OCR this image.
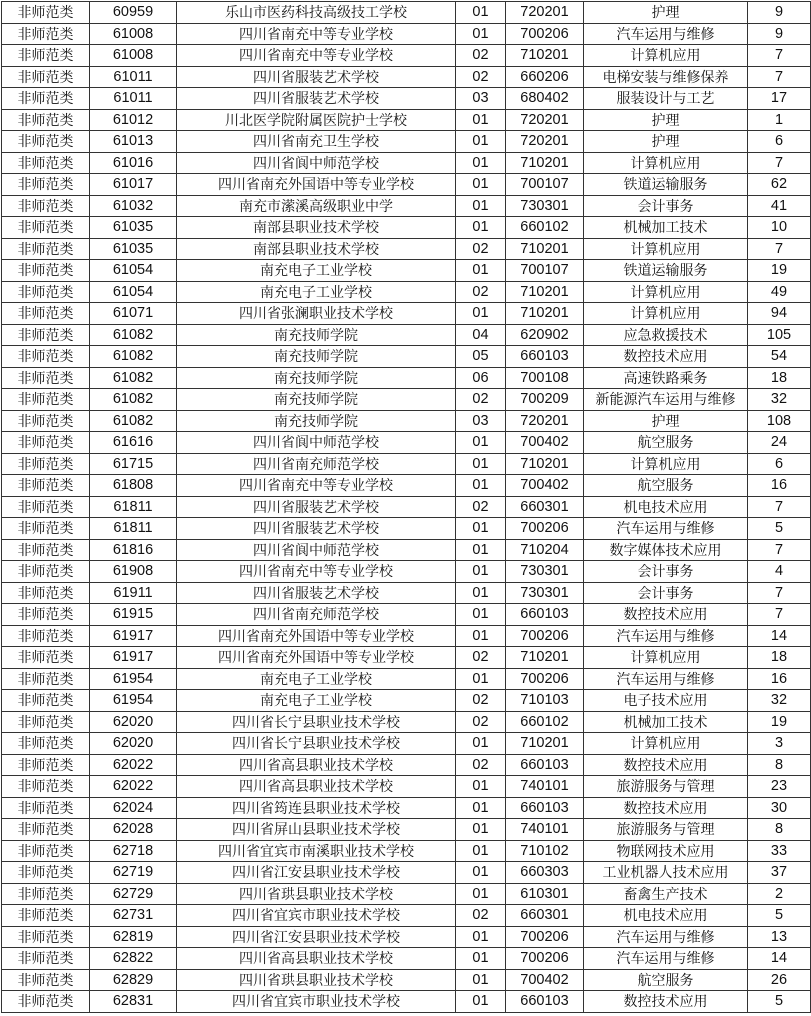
非师范类	60959	乐山市医药科技高级技工学校	01	720201	护理	9
非师范类	61008	四川省南充中等专业学校	01	700206	汽车运用与维修	9
非师范类	61008	四川省南充中等专业学校	02	710201	计算机应用	7
非师范类	61011	四川省服装艺术学校	02	660206	电梯安装与维修保养	7
非师范类	61011	四川省服装艺术学校	03	680402	服装设计与工艺	17
非师范类	61012	川北医学院附属医院护士学校	01	720201	护理	1
非师范类	61013	四川省南充卫生学校	01	720201	护理	6
非师范类	61016	四川省阆中师范学校	01	710201	计算机应用	7
非师范类	61017	四川省南充外国语中等专业学校	01	700107	铁道运输服务	62
非师范类	61032	南充市潆溪高级职业中学	01	730301	会计事务	41
非师范类	61035	南部县职业技术学校	01	660102	机械加工技术	10
非师范类	61035	南部县职业技术学校	02	710201	计算机应用	7
非师范类	61054	南充电子工业学校	01	700107	铁道运输服务	19
非师范类	61054	南充电子工业学校	02	710201	计算机应用	49
非师范类	61071	四川省张澜职业技术学校	01	710201	计算机应用	94
非师范类	61082	南充技师学院	04	620902	应急救援技术	105
非师范类	61082	南充技师学院	05	660103	数控技术应用	54
非师范类	61082	南充技师学院	06	700108	高速铁路乘务	18
非师范类	61082	南充技师学院	02	700209	新能源汽车运用与维修	32
非师范类	61082	南充技师学院	03	720201	护理	108
非师范类	61616	四川省阆中师范学校	01	700402	航空服务	24
非师范类	61715	四川省南充师范学校	01	710201	计算机应用	6
非师范类	61808	四川省南充中等专业学校	01	700402	航空服务	16
非师范类	61811	四川省服装艺术学校	02	660301	机电技术应用	7
非师范类	61811	四川省服装艺术学校	01	700206	汽车运用与维修	5
非师范类	61816	四川省阆中师范学校	01	710204	数字媒体技术应用	7
非师范类	61908	四川省南充中等专业学校	01	730301	会计事务	4
非师范类	61911	四川省服装艺术学校	01	730301	会计事务	7
非师范类	61915	四川省南充师范学校	01	660103	数控技术应用	7
非师范类	61917	四川省南充外国语中等专业学校	01	700206	汽车运用与维修	14
非师范类	61917	四川省南充外国语中等专业学校	02	710201	计算机应用	18
非师范类	61954	南充电子工业学校	01	700206	汽车运用与维修	16
非师范类	61954	南充电子工业学校	02	710103	电子技术应用	32
非师范类	62020	四川省长宁县职业技术学校	02	660102	机械加工技术	19
非师范类	62020	四川省长宁县职业技术学校	01	710201	计算机应用	3
非师范类	62022	四川省高县职业技术学校	02	660103	数控技术应用	8
非师范类	62022	四川省高县职业技术学校	01	740101	旅游服务与管理	23
非师范类	62024	四川省筠连县职业技术学校	01	660103	数控技术应用	30
非师范类	62028	四川省屏山县职业技术学校	01	740101	旅游服务与管理	8
非师范类	62718	四川省宜宾市南溪职业技术学校	01	710102	物联网技术应用	33
非师范类	62719	四川省江安县职业技术学校	01	660303	工业机器人技术应用	37
非师范类	62729	四川省珙县职业技术学校	01	610301	畜禽生产技术	2
非师范类	62731	四川省宜宾市职业技术学校	02	660301	机电技术应用	5
非师范类	62819	四川省江安县职业技术学校	01	700206	汽车运用与维修	13
非师范类	62822	四川省高县职业技术学校	01	700206	汽车运用与维修	14
非师范类	62829	四川省珙县职业技术学校	01	700402	航空服务	26
非师范类	62831	四川省宜宾市职业技术学校	01	660103	数控技术应用	5
